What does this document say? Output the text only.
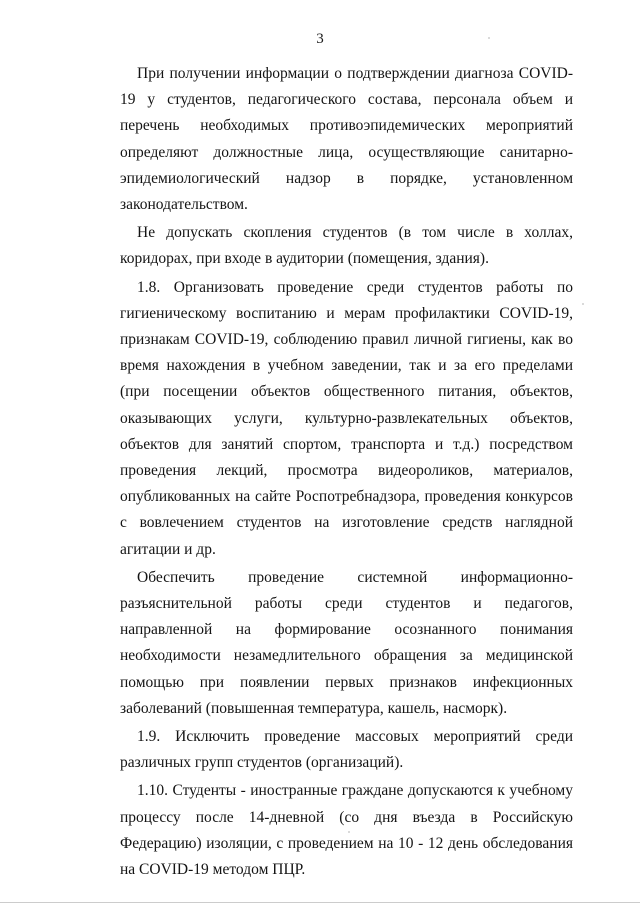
3

При получении информации о подтверждении диагноза COVID-19 у студентов, педагогического состава, персонала объем и перечень необходимых противоэпидемических мероприятий определяют должностные лица, осуществляющие санитарно-эпидемиологический надзор в порядке, установленном законодательством.

Не допускать скопления студентов (в том числе в холлах, коридорах, при входе в аудитории (помещения, здания).

1.8. Организовать проведение среди студентов работы по гигиеническому воспитанию и мерам профилактики COVID-19, признакам COVID-19, соблюдению правил личной гигиены, как во время нахождения в учебном заведении, так и за его пределами (при посещении объектов общественного питания, объектов, оказывающих услуги, культурно-развлекательных объектов, объектов для занятий спортом, транспорта и т.д.) посредством проведения лекций, просмотра видеороликов, материалов, опубликованных на сайте Роспотребнадзора, проведения конкурсов с вовлечением студентов на изготовление средств наглядной агитации и др.

Обеспечить проведение системной информационно-разъяснительной работы среди студентов и педагогов, направленной на формирование осознанного понимания необходимости незамедлительного обращения за медицинской помощью при появлении первых признаков инфекционных заболеваний (повышенная температура, кашель, насморк).

1.9. Исключить проведение массовых мероприятий среди различных групп студентов (организаций).

1.10. Студенты - иностранные граждане допускаются к учебному процессу после 14-дневной (со дня въезда в Российскую Федерацию) изоляции, с проведением на 10 - 12 день обследования на COVID-19 методом ПЦР.
